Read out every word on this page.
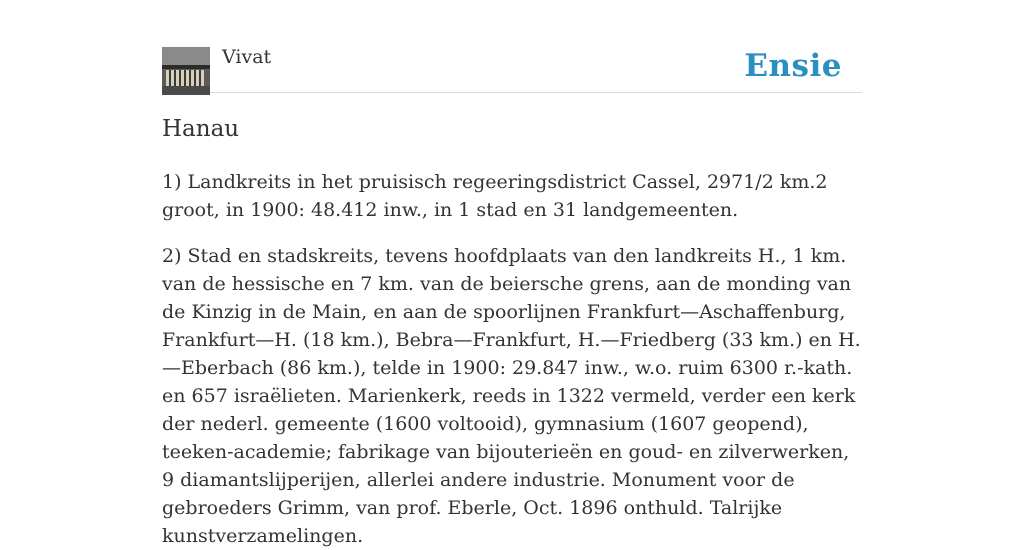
Vivat	Ensie
Hanau

1) Landkreits in het pruisisch regeeringsdistrict Cassel, 2971/2 km.2 groot, in 1900: 48.412 inw., in 1 stad en 31 landgemeenten.

2) Stad en stadskreits, tevens hoofdplaats van den landkreits H., 1 km. van de hessische en 7 km. van de beiersche grens, aan de monding van de Kinzig in de Main, en aan de spoorlijnen Frankfurt—Aschaffenburg, Frankfurt—H. (18 km.), Bebra—Frankfurt, H.—Friedberg (33 km.) en H.—Eberbach (86 km.), telde in 1900: 29.847 inw., w.o. ruim 6300 r.-kath. en 657 israëlieten. Marienkerk, reeds in 1322 vermeld, verder een kerk der nederl. gemeente (1600 voltooid), gymnasium (1607 geopend), teeken-academie; fabrikage van bijouterieën en goud- en zilverwerken, 9 diamantslijperijen, allerlei andere industrie. Monument voor de gebroeders Grimm, van prof. Eberle, Oct. 1896 onthuld. Talrijke kunstverzamelingen.
